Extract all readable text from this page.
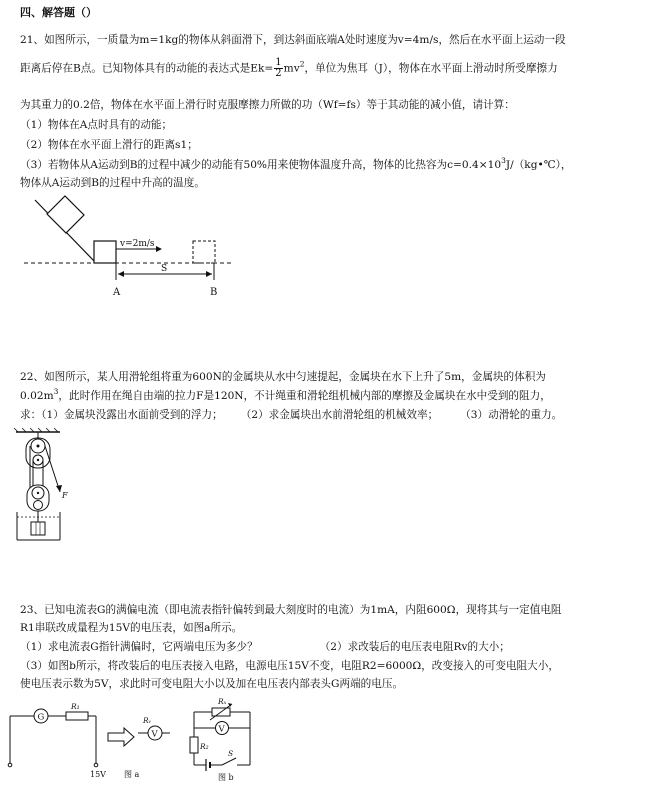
四、解答题（）
21、如图所示，一质量为m=1kg的物体从斜面滑下，到达斜面底端A处时速度为v=4m/s，然后在水平面上运动一段
距离后停在B点。已知物体具有的动能的表达式是$Ek= \frac{1}{2} mv^2$，单位为焦耳（J），物体在水平面上滑动时所受摩擦力
为其重力的0.2倍，物体在水平面上滑行时克服摩擦力所做的功（Wf=fs）等于其动能的减小值，请计算：
（1）物体在A点时具有的动能；
（2）物体在水平面上滑行的距离s1；
（3）若物体从A运动到B的过程中减少的动能有50%用来使物体温度升高，物体的比热容为$c=0.4\times 10^3J/(kg•℃)$，
物体从A运动到B的过程中升高的温度。
v=2m/s
S
A	B
22、如图所示，某人用滑轮组将重为600N的金属块从水中匀速提起，金属块在水下上升了5m，金属块的体积为
$0.02m^3$，此时作用在绳自由端的拉力F是120N，不计绳重和滑轮组机械内部的摩擦及金属块在水中受到的阻力，
求：（1）金属块没露出水面前受到的浮力； （2）求金属块出水前滑轮组的机械效率； （3）动滑轮的重力。
F
23、已知电流表G的满偏电流（即电流表指针偏转到最大刻度时的电流）为1mA，内阻600Ω，现将其与一定值电阻
R1串联改成量程为15V的电压表，如图a所示。
（1）求电流表G指针满偏时，它两端电压为多少？	（2）求改装后的电压表电阻Rv的大小；
（3）如图b所示，将改装后的电压表接入电路，电源电压15V不变，电阻R2=6000Ω，改变接入的可变电阻大小，
使电压表示数为5V，求此时可变电阻大小以及加在电压表内部表头G两端的电压。
G
R₁
15V 图 a
Rᵥ
V
Rₓ
V
R₂
S
图 b
